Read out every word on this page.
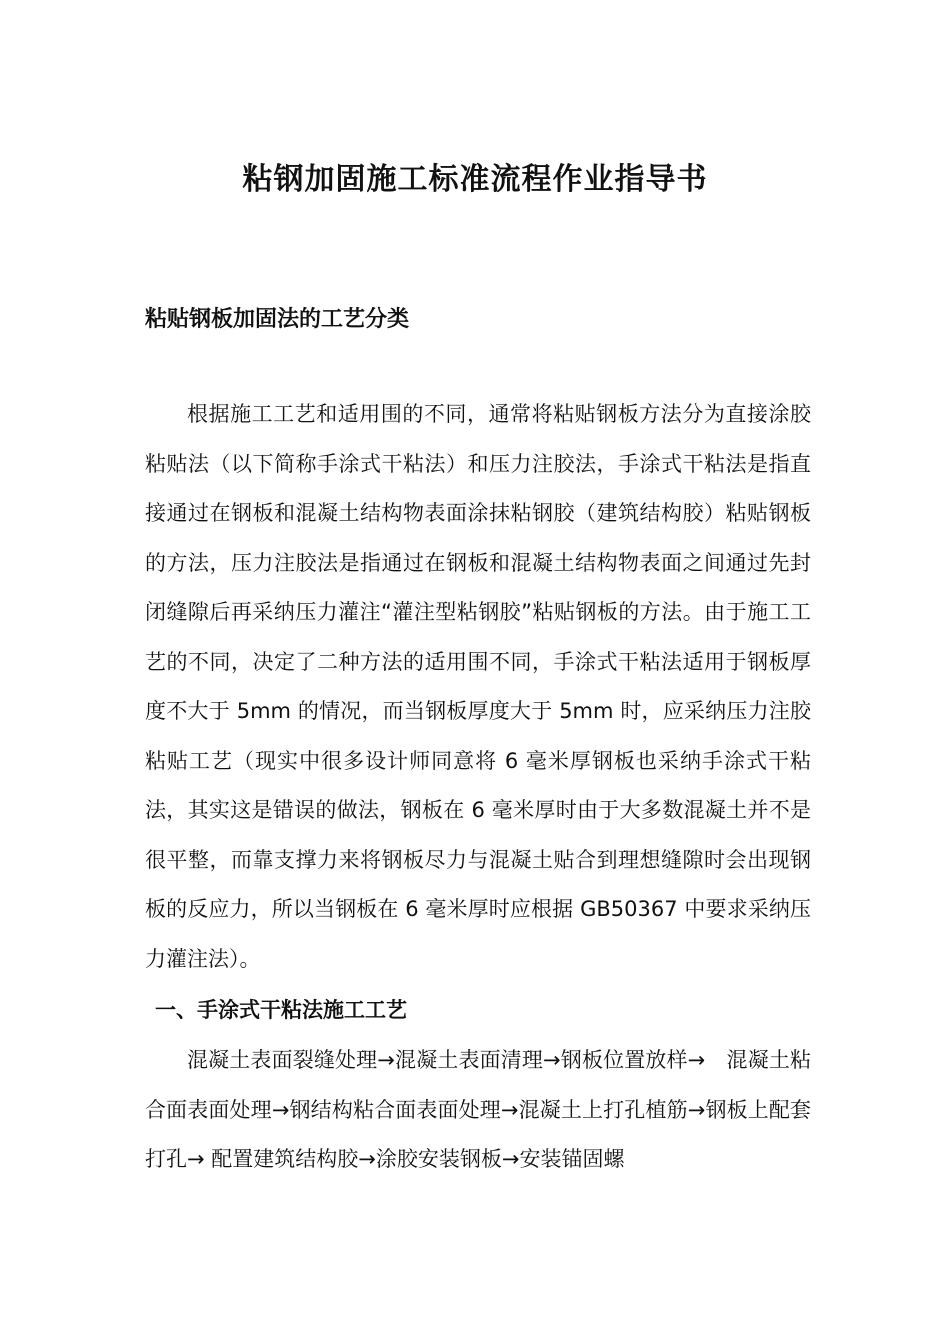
粘钢加固施工标准流程作业指导书
粘贴钢板加固法的工艺分类

根据施工工艺和适用围的不同，通常将粘贴钢板方法分为直接涂胶粘贴法（以下简称手涂式干粘法）和压力注胶法，手涂式干粘法是指直接通过在钢板和混凝土结构物表面涂抹粘钢胶（建筑结构胶）粘贴钢板的方法，压力注胶法是指通过在钢板和混凝土结构物表面之间通过先封闭缝隙后再采纳压力灌注“灌注型粘钢胶”粘贴钢板的方法。由于施工工艺的不同，决定了二种方法的适用围不同，手涂式干粘法适用于钢板厚度不大于 5mm 的情况，而当钢板厚度大于 5mm 时，应采纳压力注胶粘贴工艺（现实中很多设计师同意将 6 毫米厚钢板也采纳手涂式干粘法，其实这是错误的做法，钢板在 6 毫米厚时由于大多数混凝土并不是很平整，而靠支撑力来将钢板尽力与混凝土贴合到理想缝隙时会出现钢板的反应力，所以当钢板在 6 毫米厚时应根据 GB50367 中要求采纳压力灌注法）。

一、手涂式干粘法施工工艺

混凝土表面裂缝处理→混凝土表面清理→钢板位置放样→　混凝土粘合面表面处理→钢结构粘合面表面处理→混凝土上打孔植筋→钢板上配套打孔→ 配置建筑结构胶→涂胶安装钢板→安装锚固螺
